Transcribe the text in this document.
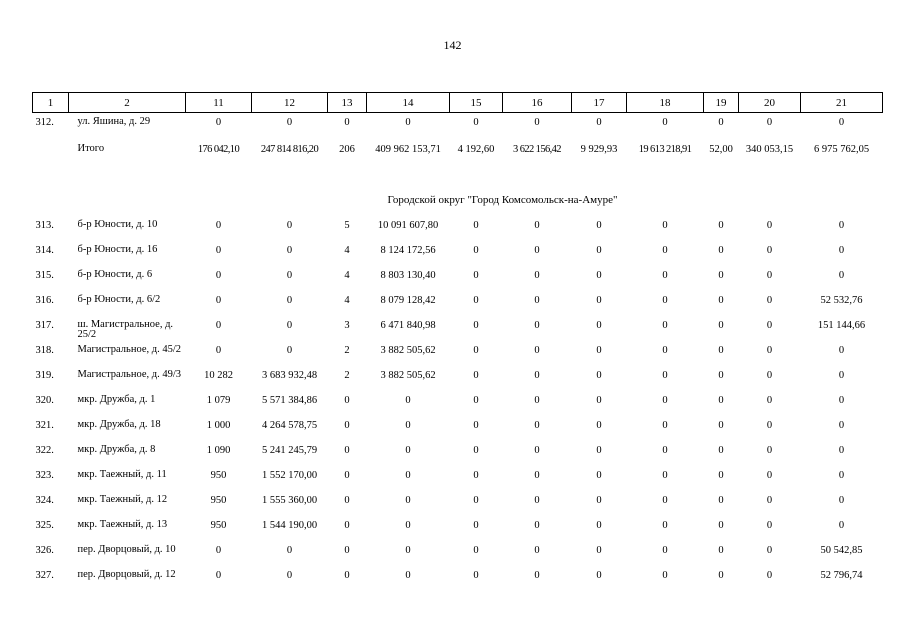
142
1	2	11	12	13	14	15	16	17	18	19	20	21
312.	ул. Яшина, д. 29	0	0	0	0	0	0	0	0	0	0	0
	Итого	176 042,10	247 814 816,20	206	409 962 153,71	4 192,60	3 622 156,42	9 929,93	19 613 218,91	52,00	340 053,15	6 975 762,05
Городской округ "Город Комсомольск-на-Амуре"												
313.	б-р Юности, д. 10	0	0	5	10 091 607,80	0	0	0	0	0	0	0
314.	б-р Юности, д. 16	0	0	4	8 124 172,56	0	0	0	0	0	0	0
315.	б-р Юности, д. 6	0	0	4	8 803 130,40	0	0	0	0	0	0	0
316.	б-р Юности, д. 6/2	0	0	4	8 079 128,42	0	0	0	0	0	0	52 532,76
317.	ш. Магистральное, д. 25/2	0	0	3	6 471 840,98	0	0	0	0	0	0	151 144,66
318.	Магистральное, д. 45/2	0	0	2	3 882 505,62	0	0	0	0	0	0	0
319.	Магистральное, д. 49/3	10 282	3 683 932,48	2	3 882 505,62	0	0	0	0	0	0	0
320.	мкр. Дружба, д. 1	1 079	5 571 384,86	0	0	0	0	0	0	0	0	0
321.	мкр. Дружба, д. 18	1 000	4 264 578,75	0	0	0	0	0	0	0	0	0
322.	мкр. Дружба, д. 8	1 090	5 241 245,79	0	0	0	0	0	0	0	0	0
323.	мкр. Таежный, д. 11	950	1 552 170,00	0	0	0	0	0	0	0	0	0
324.	мкр. Таежный, д. 12	950	1 555 360,00	0	0	0	0	0	0	0	0	0
325.	мкр. Таежный, д. 13	950	1 544 190,00	0	0	0	0	0	0	0	0	0
326.	пер. Дворцовый, д. 10	0	0	0	0	0	0	0	0	0	0	50 542,85
327.	пер. Дворцовый, д. 12	0	0	0	0	0	0	0	0	0	0	52 796,74
